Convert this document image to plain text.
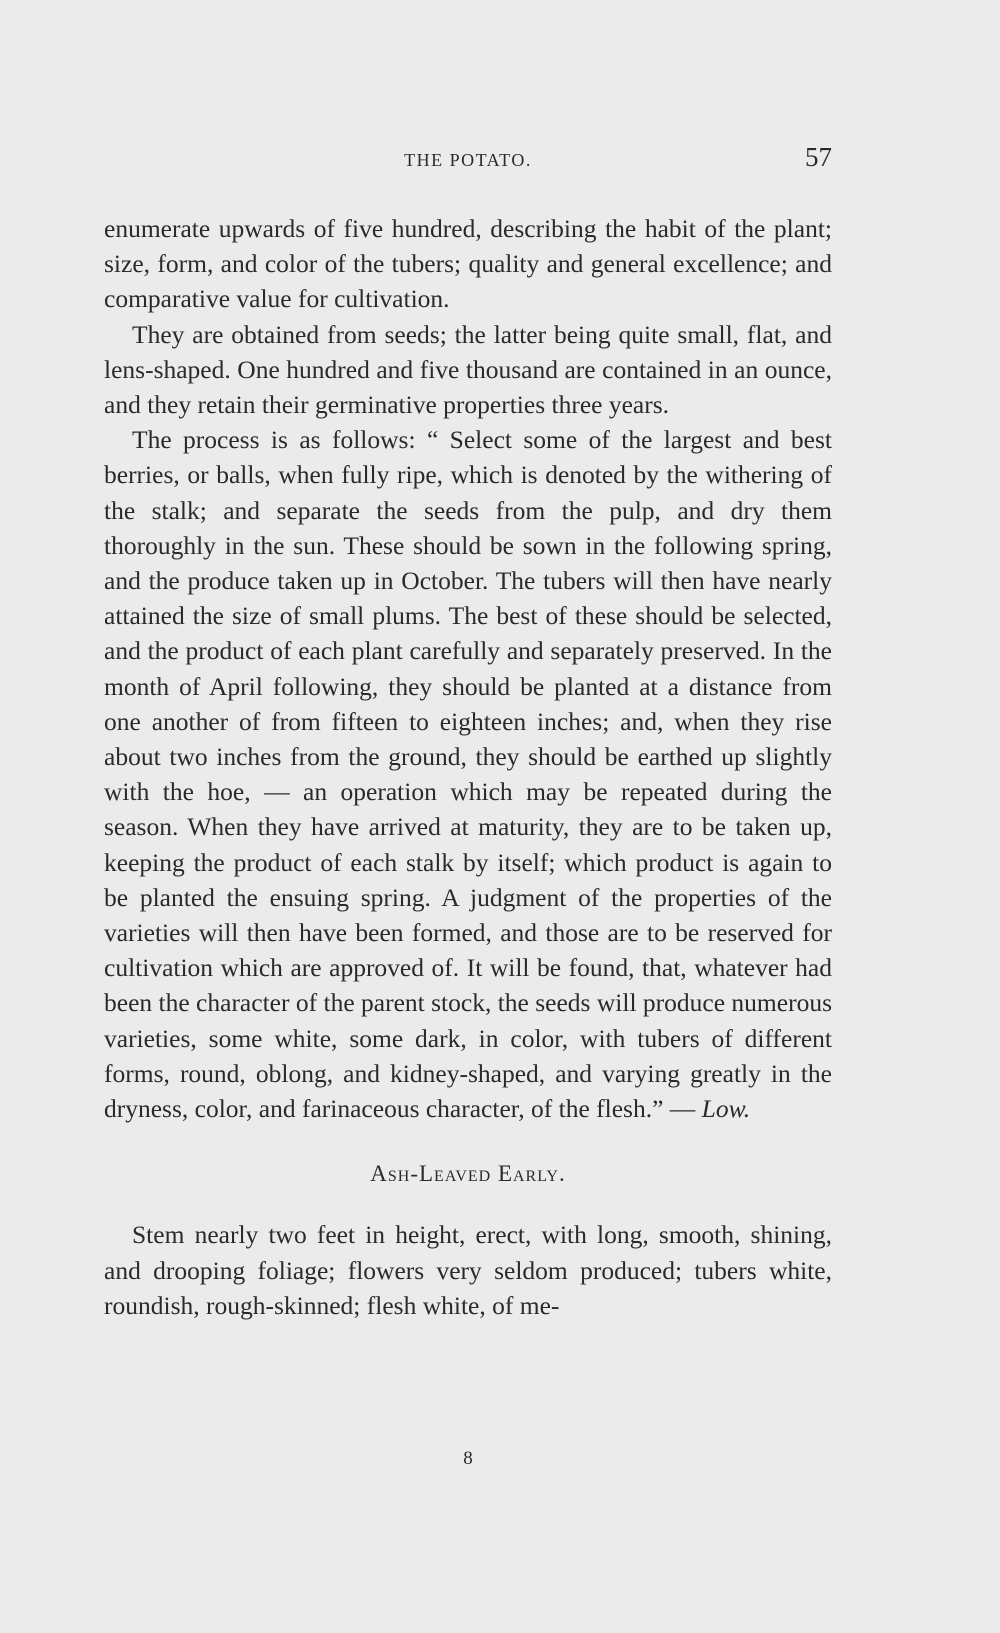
THE POTATO.	57

enumerate upwards of five hundred, describing the habit of the plant; size, form, and color of the tubers; quality and general excellence; and comparative value for cultivation.

They are obtained from seeds; the latter being quite small, flat, and lens-shaped. One hundred and five thousand are contained in an ounce, and they retain their germinative properties three years.

The process is as follows: “ Select some of the largest and best berries, or balls, when fully ripe, which is denoted by the withering of the stalk; and separate the seeds from the pulp, and dry them thoroughly in the sun. These should be sown in the following spring, and the produce taken up in October. The tubers will then have nearly attained the size of small plums. The best of these should be selected, and the product of each plant carefully and separately preserved. In the month of April following, they should be planted at a distance from one another of from fifteen to eighteen inches; and, when they rise about two inches from the ground, they should be earthed up slightly with the hoe, — an operation which may be repeated during the season. When they have arrived at maturity, they are to be taken up, keeping the product of each stalk by itself; which product is again to be planted the ensuing spring. A judgment of the properties of the varieties will then have been formed, and those are to be reserved for cultivation which are approved of. It will be found, that, whatever had been the character of the parent stock, the seeds will produce numerous varieties, some white, some dark, in color, with tubers of different forms, round, oblong, and kidney-shaped, and varying greatly in the dryness, color, and farinaceous character, of the flesh.” — Low.

Ash-Leaved Early.

Stem nearly two feet in height, erect, with long, smooth, shining, and drooping foliage; flowers very seldom produced; tubers white, roundish, rough-skinned; flesh white, of me-

8
